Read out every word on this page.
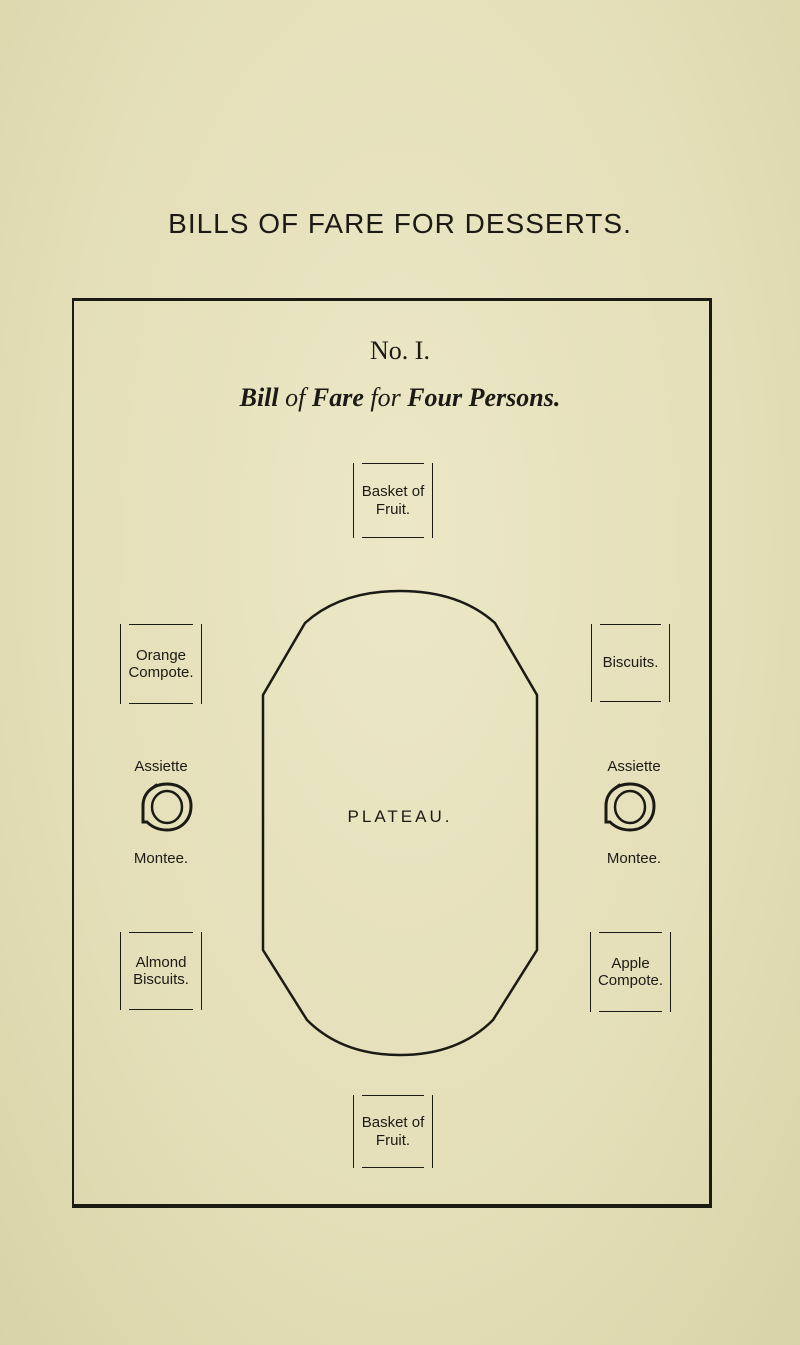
BILLS OF FARE FOR DESSERTS.
No. I.
Bill of Fare for Four Persons.
Basket of Fruit.
Orange Compote.
Biscuits.
Assiette
Montee.
Assiette
Montee.
PLATEAU.
Almond Biscuits.
Apple Compote.
Basket of Fruit.
